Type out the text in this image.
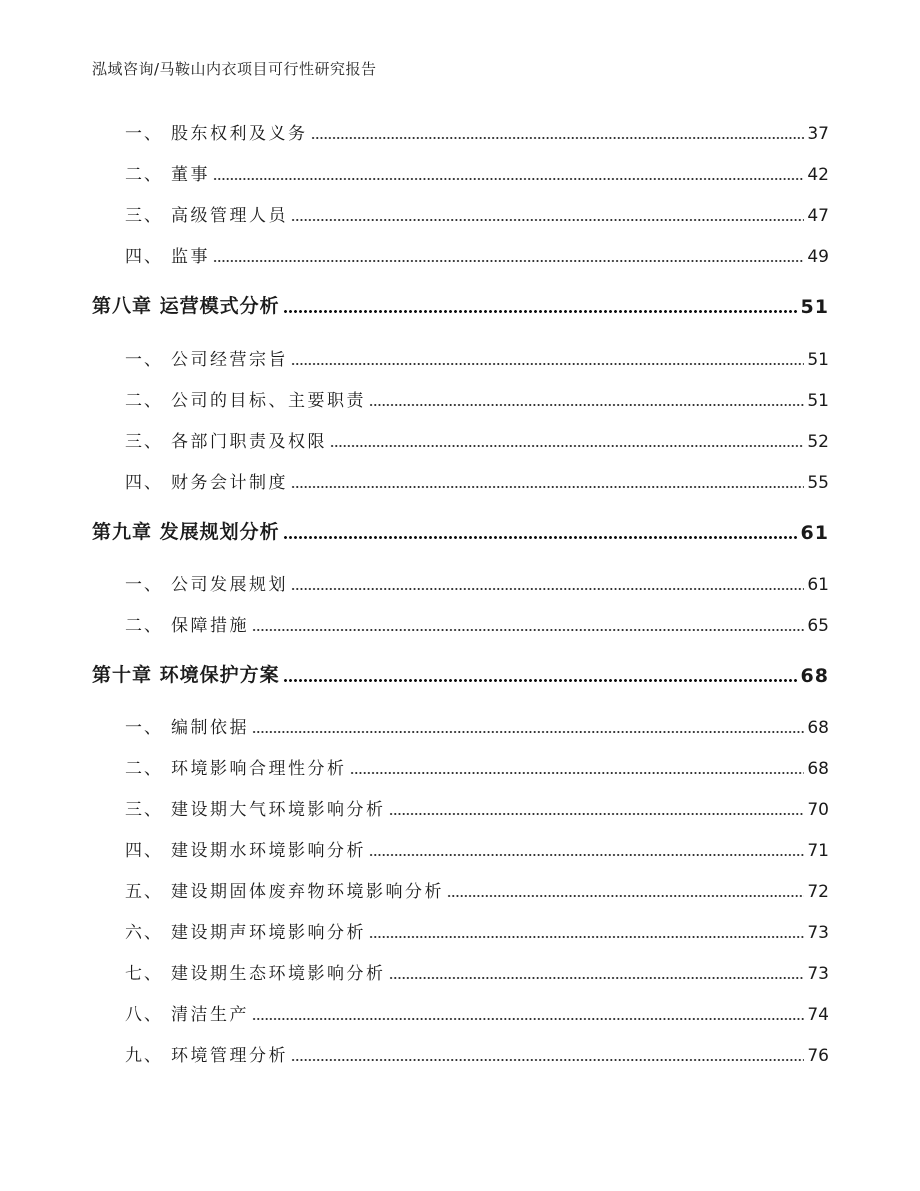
泓域咨询/马鞍山内衣项目可行性研究报告
一、 股东权利及义务	37
二、 董事	42
三、 高级管理人员	47
四、 监事	49
第八章 运营模式分析	51
一、 公司经营宗旨	51
二、 公司的目标、主要职责	51
三、 各部门职责及权限	52
四、 财务会计制度	55
第九章 发展规划分析	61
一、 公司发展规划	61
二、 保障措施	65
第十章 环境保护方案	68
一、 编制依据	68
二、 环境影响合理性分析	68
三、 建设期大气环境影响分析	70
四、 建设期水环境影响分析	71
五、 建设期固体废弃物环境影响分析	72
六、 建设期声环境影响分析	73
七、 建设期生态环境影响分析	73
八、 清洁生产	74
九、 环境管理分析	76
